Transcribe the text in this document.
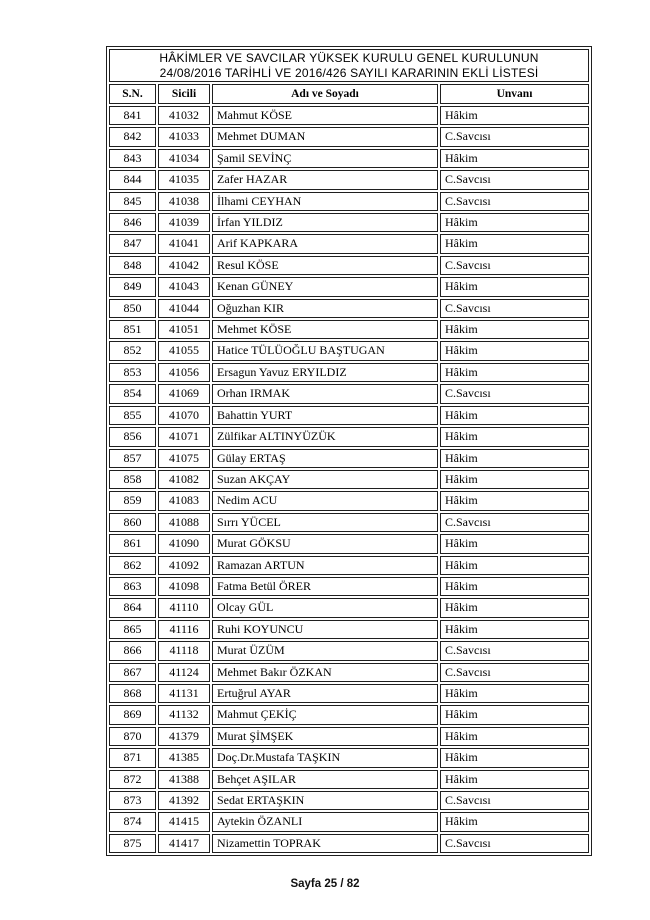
HÂKİMLER VE SAVCILAR YÜKSEK KURULU GENEL KURULUNUN
24/08/2016 TARİHLİ VE 2016/426 SAYILI KARARININ EKLİ LİSTESİ			

S.N.	Sicili	Adı ve Soyadı	Unvanı
841	41032	Mahmut KÖSE	Hâkim
842	41033	Mehmet DUMAN	C.Savcısı
843	41034	Şamil SEVİNÇ	Hâkim
844	41035	Zafer HAZAR	C.Savcısı
845	41038	İlhami CEYHAN	C.Savcısı
846	41039	İrfan YILDIZ	Hâkim
847	41041	Arif KAPKARA	Hâkim
848	41042	Resul KÖSE	C.Savcısı
849	41043	Kenan GÜNEY	Hâkim
850	41044	Oğuzhan KIR	C.Savcısı
851	41051	Mehmet KÖSE	Hâkim
852	41055	Hatice TÜLÜOĞLU BAŞTUGAN	Hâkim
853	41056	Ersagun Yavuz ERYILDIZ	Hâkim
854	41069	Orhan IRMAK	C.Savcısı
855	41070	Bahattin YURT	Hâkim
856	41071	Zülfikar ALTINYÜZÜK	Hâkim
857	41075	Gülay ERTAŞ	Hâkim
858	41082	Suzan AKÇAY	Hâkim
859	41083	Nedim ACU	Hâkim
860	41088	Sırrı YÜCEL	C.Savcısı
861	41090	Murat GÖKSU	Hâkim
862	41092	Ramazan ARTUN	Hâkim
863	41098	Fatma Betül ÖRER	Hâkim
864	41110	Olcay GÜL	Hâkim
865	41116	Ruhi KOYUNCU	Hâkim
866	41118	Murat ÜZÜM	C.Savcısı
867	41124	Mehmet Bakır ÖZKAN	C.Savcısı
868	41131	Ertuğrul AYAR	Hâkim
869	41132	Mahmut ÇEKİÇ	Hâkim
870	41379	Murat ŞİMŞEK	Hâkim
871	41385	Doç.Dr.Mustafa TAŞKIN	Hâkim
872	41388	Behçet AŞILAR	Hâkim
873	41392	Sedat ERTAŞKIN	C.Savcısı
874	41415	Aytekin ÖZANLI	Hâkim
875	41417	Nizamettin TOPRAK	C.Savcısı
Sayfa 25 / 82
